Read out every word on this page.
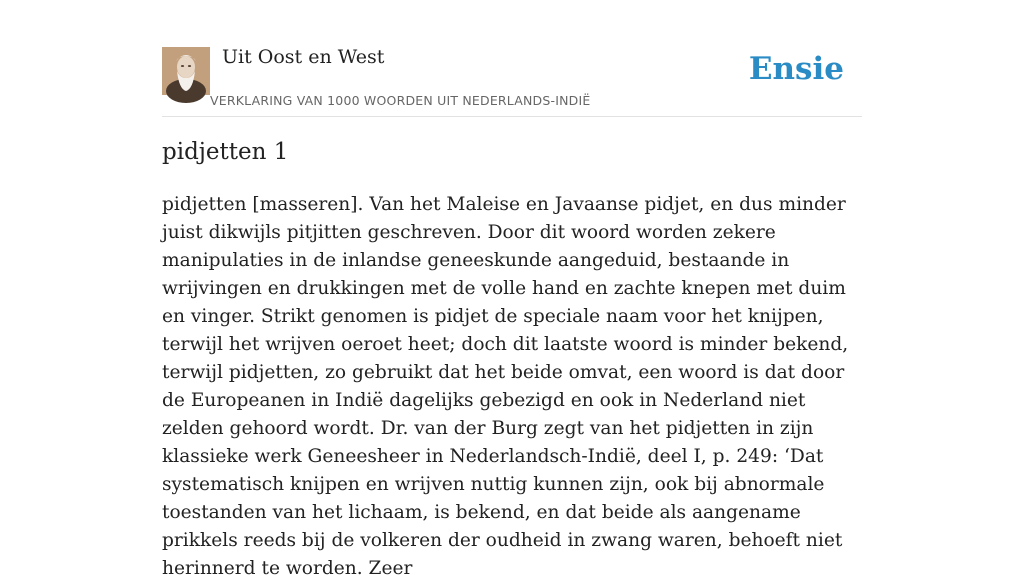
Uit Oost en West
VERKLARING VAN 1000 WOORDEN UIT NEDERLANDS-INDIË
Ensie
pidjetten 1

pidjetten [masseren]. Van het Maleise en Javaanse pidjet, en dus minder juist dikwijls pitjitten geschreven. Door dit woord worden zekere manipulaties in de inlandse geneeskunde aangeduid, bestaande in wrijvingen en drukkingen met de volle hand en zachte knepen met duim en vinger. Strikt genomen is pidjet de speciale naam voor het knijpen, terwijl het wrijven oeroet heet; doch dit laatste woord is minder bekend, terwijl pidjetten, zo gebruikt dat het beide omvat, een woord is dat door de Europeanen in Indië dagelijks gebezigd en ook in Nederland niet zelden gehoord wordt. Dr. van der Burg zegt van het pidjetten in zijn klassieke werk Geneesheer in Nederlandsch-Indië, deel I, p. 249: ‘Dat systematisch knijpen en wrijven nuttig kunnen zijn, ook bij abnormale toestanden van het lichaam, is bekend, en dat beide als aangename prikkels reeds bij de volkeren der oudheid in zwang waren, behoeft niet herinnerd te worden. Zeer
